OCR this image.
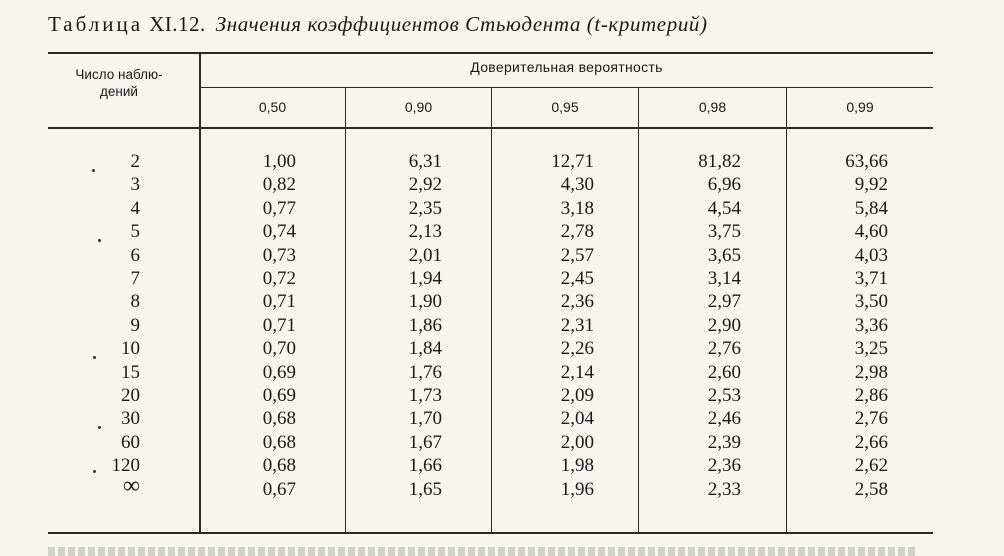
Таблица XI.12. Значения коэффициентов Стьюдента (t-критерий)
Число наблю-
дений
Доверительная вероятность
0,50	0,90	0,95	0,98	0,99
2	1,00	6,31	12,71	81,82	63,66
3	0,82	2,92	4,30	6,96	9,92
4	0,77	2,35	3,18	4,54	5,84
5	0,74	2,13	2,78	3,75	4,60
6	0,73	2,01	2,57	3,65	4,03
7	0,72	1,94	2,45	3,14	3,71
8	0,71	1,90	2,36	2,97	3,50
9	0,71	1,86	2,31	2,90	3,36
10	0,70	1,84	2,26	2,76	3,25
15	0,69	1,76	2,14	2,60	2,98
20	0,69	1,73	2,09	2,53	2,86
30	0,68	1,70	2,04	2,46	2,76
60	0,68	1,67	2,00	2,39	2,66
120	0,68	1,66	1,98	2,36	2,62
∞	0,67	1,65	1,96	2,33	2,58
